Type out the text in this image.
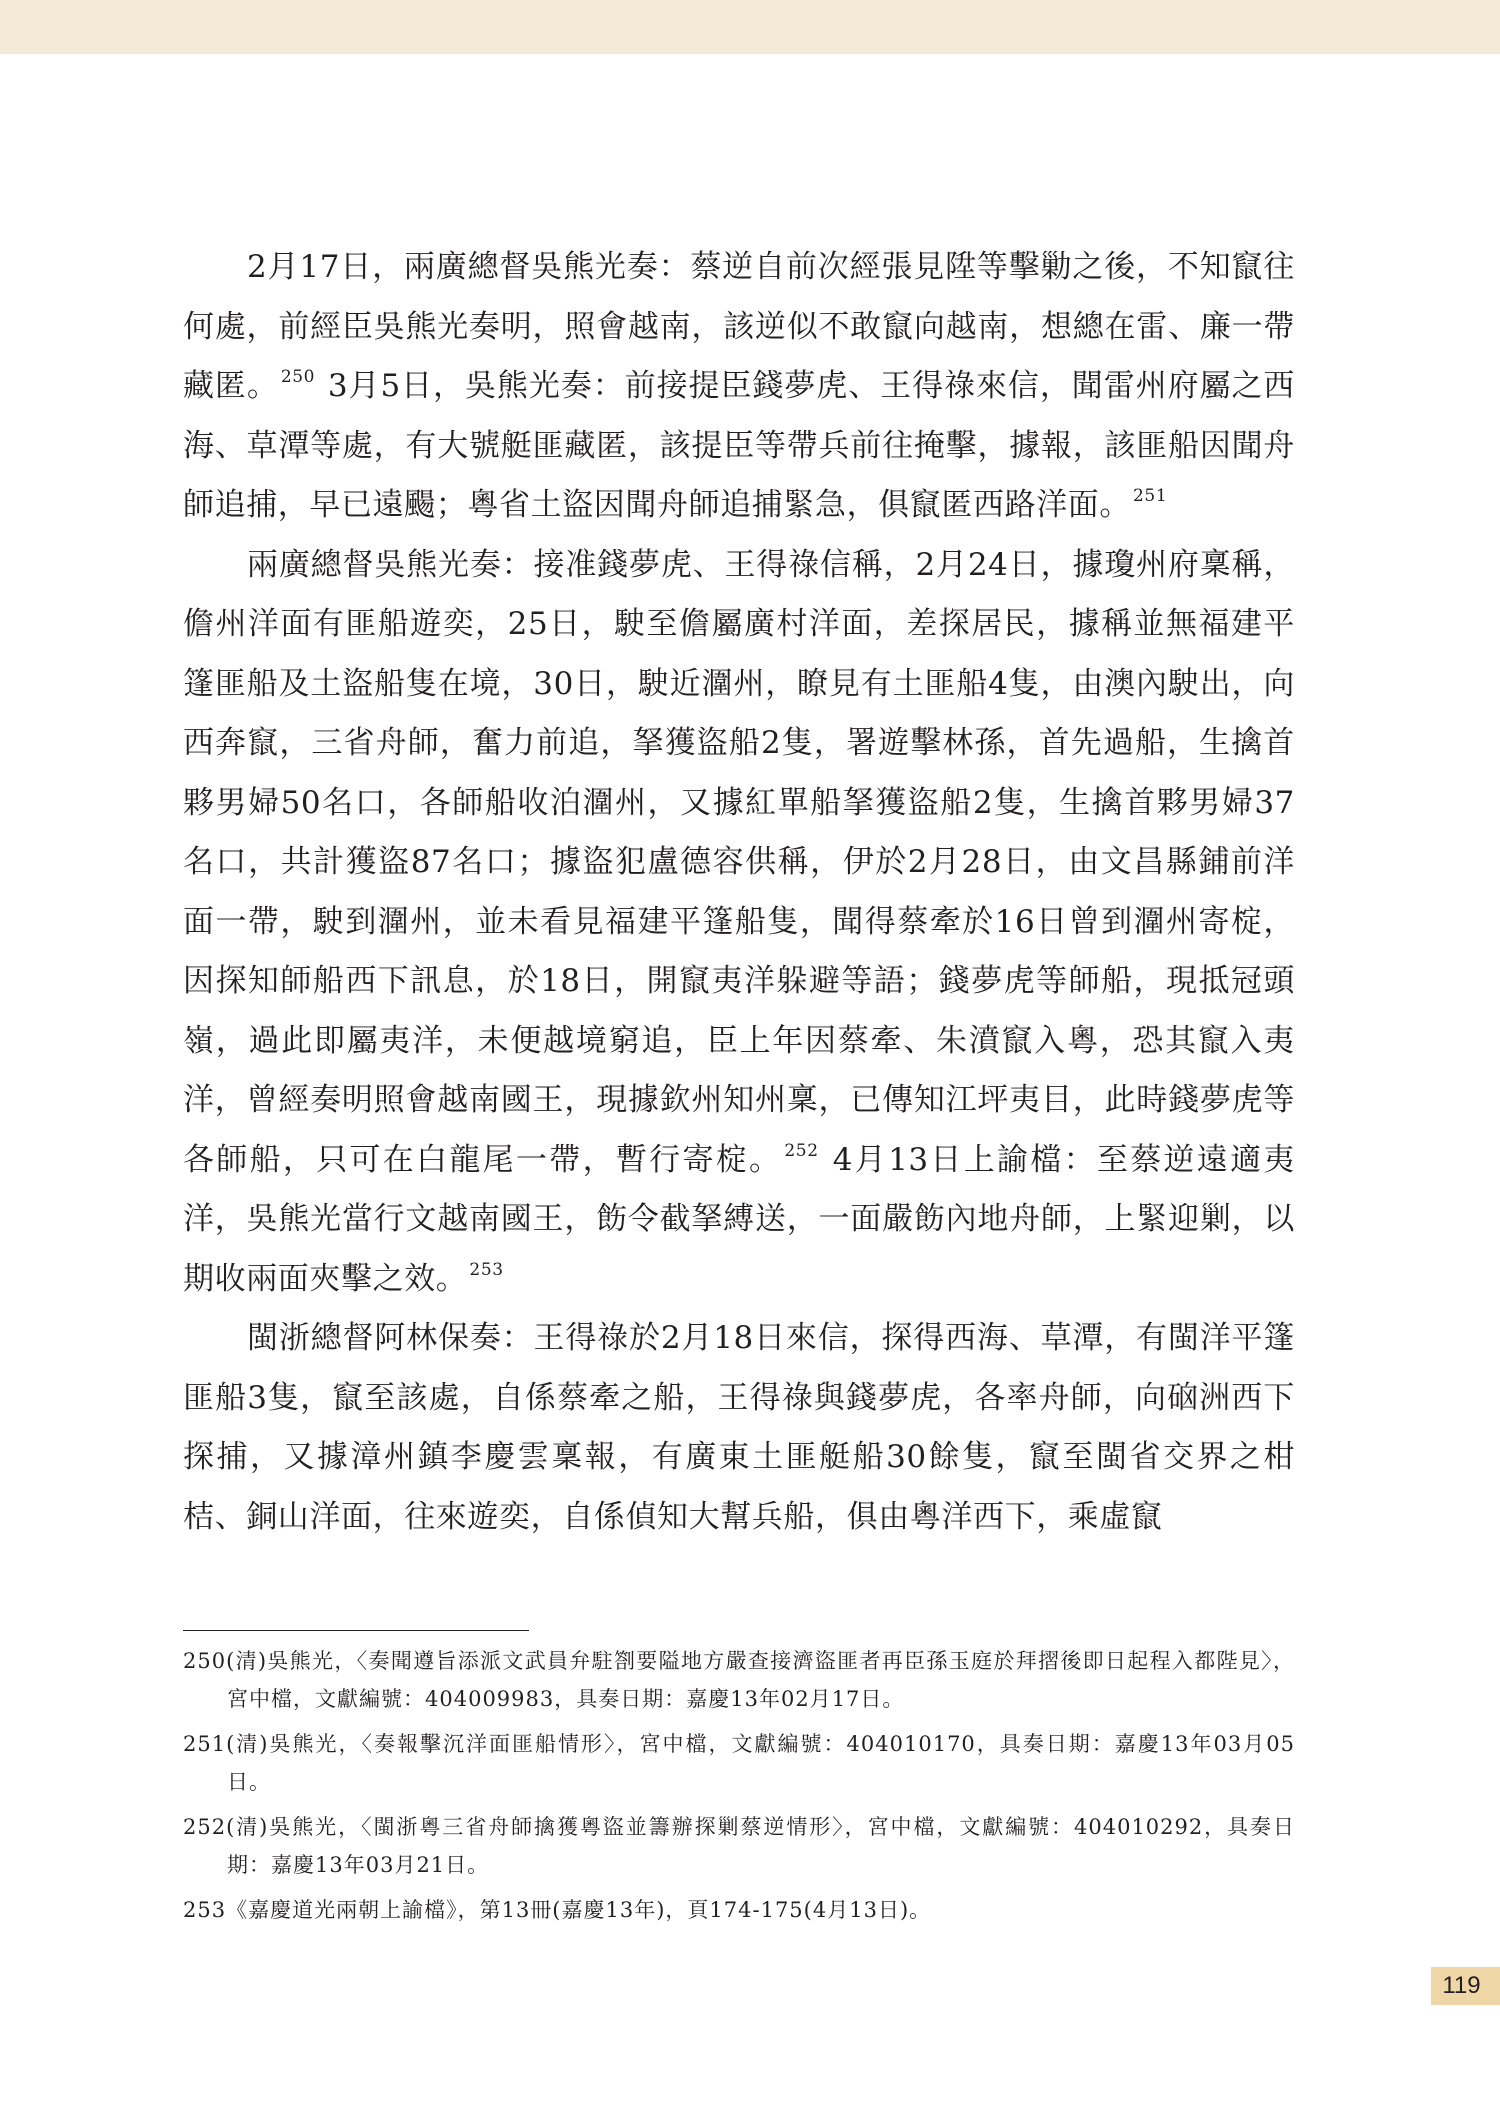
2月17日，兩廣總督吳熊光奏：蔡逆自前次經張見陞等擊勦之後，不知竄往何處，前經臣吳熊光奏明，照會越南，該逆似不敢竄向越南，想總在雷、廉一帶藏匿。 $^{250}$ 3月5日，吳熊光奏：前接提臣錢夢虎、王得祿來信，聞雷州府屬之西海、草潭等處，有大號艇匪藏匿，該提臣等帶兵前往掩擊，據報，該匪船因聞舟師追捕，早已遠颺；粵省土盜因聞舟師追捕緊急，俱竄匿西路洋面。 $^{251}$

兩廣總督吳熊光奏：接准錢夢虎、王得祿信稱，2月24日，據瓊州府稟稱，儋州洋面有匪船遊奕，25日，駛至儋屬廣村洋面，差探居民，據稱並無福建平篷匪船及土盜船隻在境，30日，駛近潿州，瞭見有土匪船4隻，由澳內駛出，向西奔竄，三省舟師，奮力前追，拏獲盜船2隻，署遊擊林孫，首先過船，生擒首夥男婦50名口，各師船收泊潿州，又據紅單船拏獲盜船2隻，生擒首夥男婦37名口，共計獲盜87名口；據盜犯盧德容供稱，伊於2月28日，由文昌縣鋪前洋面一帶，駛到潿州，並未看見福建平篷船隻，聞得蔡牽於16日曾到潿州寄椗，因探知師船西下訊息，於18日，開竄夷洋躲避等語；錢夢虎等師船，現抵冠頭嶺，過此即屬夷洋，未便越境窮追，臣上年因蔡牽、朱濆竄入粵，恐其竄入夷洋，曾經奏明照會越南國王，現據欽州知州稟，已傳知江坪夷目，此時錢夢虎等各師船，只可在白龍尾一帶，暫行寄椗。 $^{252}$ 4月13日上諭檔：至蔡逆遠適夷洋，吳熊光當行文越南國王，飭令截拏縛送，一面嚴飭內地舟師，上緊迎剿，以期收兩面夾擊之效。 $^{253}$

閩浙總督阿林保奏：王得祿於2月18日來信，探得西海、草潭，有閩洋平篷匪船3隻，竄至該處，自係蔡牽之船，王得祿與錢夢虎，各率舟師，向硇洲西下探捕，又據漳州鎮李慶雲稟報，有廣東土匪艇船30餘隻，竄至閩省交界之柑桔、銅山洋面，往來遊奕，自係偵知大幫兵船，俱由粵洋西下，乘虛竄

250(清)吳熊光，〈奏聞遵旨添派文武員弁駐劄要隘地方嚴查接濟盜匪者再臣孫玉庭於拜摺後即日起程入都陛見〉，宮中檔，文獻編號：404009983，具奏日期：嘉慶13年02月17日。

251(清)吳熊光，〈奏報擊沉洋面匪船情形〉，宮中檔，文獻編號：404010170，具奏日期：嘉慶13年03月05日。

252(清)吳熊光，〈閩浙粵三省舟師擒獲粵盜並籌辦探剿蔡逆情形〉，宮中檔，文獻編號：404010292，具奏日期：嘉慶13年03月21日。

253《嘉慶道光兩朝上諭檔》，第13冊(嘉慶13年)，頁174-175(4月13日)。

119
